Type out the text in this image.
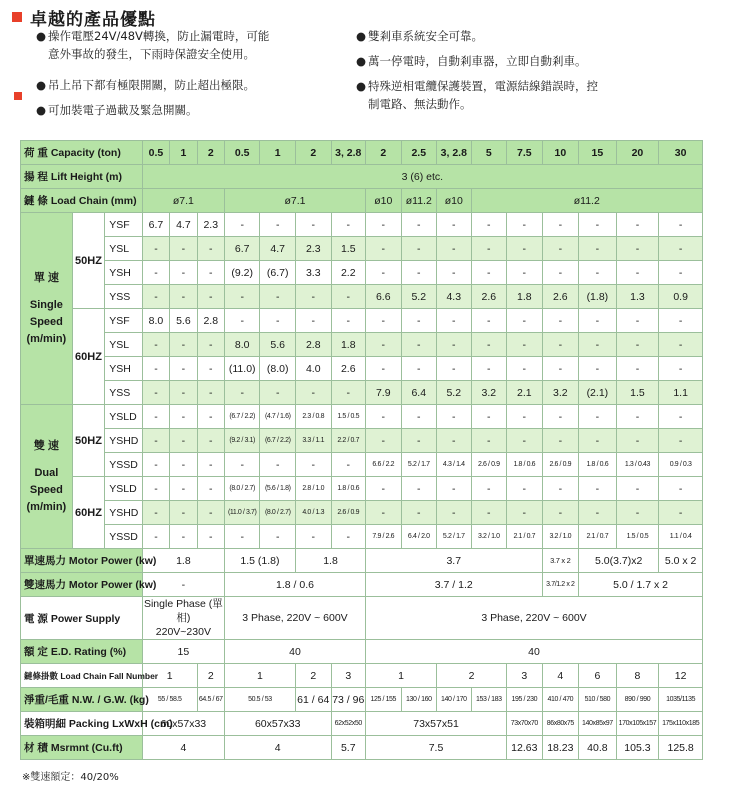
卓越的產品優點
● 操作電壓24V/48V轉換，防止漏電時，可能
意外事故的發生，下雨時保證安全使用。
● 吊上吊下都有極限開關，防止超出極限。
● 可加裝電子過載及緊急開關。
● 雙剎車系統安全可靠。
● 萬一停電時，自動剎車器，立即自動剎車。
● 特殊逆相電纜保護裝置，電源結線錯誤時，控
制電路、無法動作。
荷 重 Capacity (ton)			0.5	1	2	0.5	1	2	3, 2.8	2	2.5	3, 2.8	5	7.5	10	15	20	30
揚 程 Lift Height (m)			3 (6) etc.															
鏈 條 Load Chain (mm)			ø7.1			ø7.1				ø10	ø11.2	ø10	ø11.2					

單 速
Single
Speed
(m/min)	50HZ	YSF	6.7	4.7	2.3	-	-	-	-	-	-	-	-	-	-	-	-	-
		YSL	-	-	-	6.7	4.7	2.3	1.5	-	-	-	-	-	-	-	-	-
		YSH	-	-	-	(9.2)	(6.7)	3.3	2.2	-	-	-	-	-	-	-	-	-
		YSS	-	-	-	-	-	-	-	6.6	5.2	4.3	2.6	1.8	2.6	(1.8)	1.3	0.9
	60HZ	YSF	8.0	5.6	2.8	-	-	-	-	-	-	-	-	-	-	-	-	-
		YSL	-	-	-	8.0	5.6	2.8	1.8	-	-	-	-	-	-	-	-	-
		YSH	-	-	-	(11.0)	(8.0)	4.0	2.6	-	-	-	-	-	-	-	-	-
		YSS	-	-	-	-	-	-	-	7.9	6.4	5.2	3.2	2.1	3.2	(2.1)	1.5	1.1

雙 速
Dual
Speed
(m/min)	50HZ	YSLD	-	-	-	(6.7 / 2.2)	(4.7 / 1.6)	2.3 / 0.8	1.5 / 0.5	-	-	-	-	-	-	-	-	-
		YSHD	-	-	-	(9.2 / 3.1)	(6.7 / 2.2)	3.3 / 1.1	2.2 / 0.7	-	-	-	-	-	-	-	-	-
		YSSD	-	-	-	-	-	-	-	6.6 / 2.2	5.2 / 1.7	4.3 / 1.4	2.6 / 0.9	1.8 / 0.6	2.6 / 0.9	1.8 / 0.6	1.3 / 0.43	0.9 / 0.3
	60HZ	YSLD	-	-	-	(8.0 / 2.7)	(5.6 / 1.8)	2.8 / 1.0	1.8 / 0.6	-	-	-	-	-	-	-	-	-
		YSHD	-	-	-	(11.0 / 3.7)	(8.0 / 2.7)	4.0 / 1.3	2.6 / 0.9	-	-	-	-	-	-	-	-	-
		YSSD	-	-	-	-	-	-	-	7.9 / 2.6	6.4 / 2.0	5.2 / 1.7	3.2 / 1.0	2.1 / 0.7	3.2 / 1.0	2.1 / 0.7	1.5 / 0.5	1.1 / 0.4
單速馬力 Motor Power (kw)			1.8			1.5 (1.8)		1.8		3.7					3.7 x 2	5.0(3.7)x2		5.0 x 2
雙速馬力 Motor Power (kw)			-			1.8 / 0.6				3.7 / 1.2					3.7/1.2 x 2	5.0 / 1.7 x 2		
電 源 Power Supply			Single Phase (單相)
220V~230V			3 Phase, 220V ~ 600V				3 Phase, 220V ~ 600V								
額 定 E.D. Rating (%)			15			40				40								
鏈條掛數 Load Chain Fall Number			1		2	1		2	3	1		2		3	4	6	8	12
淨重/毛重 N.W. / G.W. (kg)			55 / 58.5		64.5 / 67	50.5 / 53		61 / 64	73 / 96	125 / 155	130 / 160	140 / 170	153 / 183	195 / 230	410 / 470	510 / 580	890 / 990	1035/1135
裝箱明細 Packing LxWxH (cm)			60x57x33			60x57x33			62x52x50	73x57x51				73x70x70	86x80x75	140x85x97	170x105x157	175x110x185
材 積 Msrmnt (Cu.ft)			4			4			5.7	7.5				12.63	18.23	40.8	105.3	125.8
※雙速額定：40/20%
